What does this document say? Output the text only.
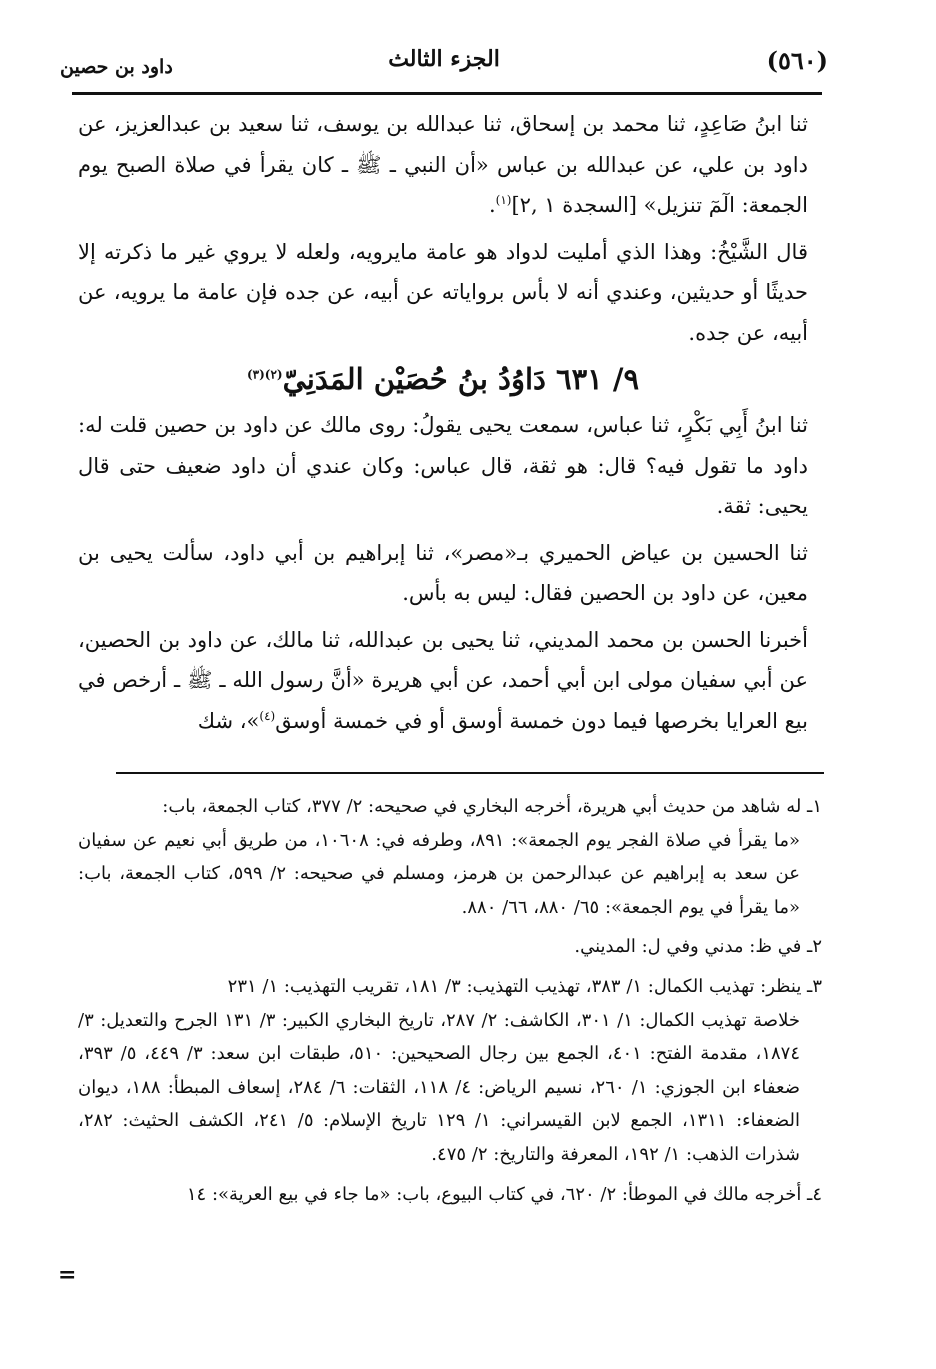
(٥٦٠)
الجزء الثالث
داود بن حصين

ثنا ابنُ صَاعِدٍ، ثنا محمد بن إسحاق، ثنا عبدالله بن يوسف، ثنا سعيد بن عبدالعزيز، عن داود بن علي، عن عبدالله بن عباس «أن النبي ـ ﷺ ـ كان يقرأ في صلاة الصبح يوم الجمعة: الٓمٓ تنزيل» [السجدة ١ ,٢]$^{(١)}$.

قال الشَّيْخُ: وهذا الذي أمليت لدواد هو عامة مايرويه، ولعله لا يروي غير ما ذكرته إلا حديثًا أو حديثين، وعندي أنه لا بأس برواياته عن أبيه، عن جده فإن عامة ما يرويه، عن أبيه، عن جده.

٩/ ٦٣١ دَاوُدُ بنُ حُصَيْن المَدَنِيّ$^{(٢)(٣)}$

ثنا ابنُ أَبِي بَكْرٍ، ثنا عباس، سمعت يحيى يقولُ: روى مالك عن داود بن حصين قلت له: داود ما تقول فيه؟ قال: هو ثقة، قال عباس: وكان عندي أن داود ضعيف حتى قال يحيى: ثقة.

ثنا الحسين بن عياض الحميري بـ«مصر»، ثنا إبراهيم بن أبي داود، سألت يحيى بن معين، عن داود بن الحصين فقال: ليس به بأس.

أخبرنا الحسن بن محمد المديني، ثنا يحيى بن عبدالله، ثنا مالك، عن داود بن الحصين، عن أبي سفيان مولى ابن أبي أحمد، عن أبي هريرة «أنَّ رسول الله ـ ﷺ ـ أرخص في بيع العرايا بخرصها فيما دون خمسة أوسق أو في خمسة أوسق$^{(٤)}$»، شك

١ـ له شاهد من حديث أبي هريرة، أخرجه البخاري في صحيحه: ٢/ ٣٧٧، كتاب الجمعة، باب:
«ما يقرأ في صلاة الفجر يوم الجمعة»: ٨٩١، وطرفه في: ١٠٦٠٨، من طريق أبي نعيم عن سفيان عن سعد به إبراهيم عن عبدالرحمن بن هرمز، ومسلم في صحيحه: ٢/ ٥٩٩، كتاب الجمعة، باب: «ما يقرأ في يوم الجمعة»: ٦٥/ ٨٨٠، ٦٦/ ٨٨٠.
٢ـ في ظ: مدني وفي ل: المديني.
٣ـ ينظر: تهذيب الكمال: ١/ ٣٨٣، تهذيب التهذيب: ٣/ ١٨١، تقريب التهذيب: ١/ ٢٣١
خلاصة تهذيب الكمال: ١/ ٣٠١، الكاشف: ٢/ ٢٨٧، تاريخ البخاري الكبير: ٣/ ١٣١ الجرح والتعديل: ٣/ ١٨٧٤، مقدمة الفتح: ٤٠١، الجمع بين رجال الصحيحين: ٥١٠، طبقات ابن سعد: ٣/ ٤٤٩، ٥/ ٣٩٣، ضعفاء ابن الجوزي: ١/ ٢٦٠، نسيم الرياض: ٤/ ١١٨، الثقات: ٦/ ٢٨٤، إسعاف المبطأ: ١٨٨، ديوان الضعفاء: ١٣١١، الجمع لابن القيسراني: ١/ ١٢٩ تاريخ الإسلام: ٥/ ٢٤١، الكشف الحثيث: ٢٨٢، شذرات الذهب: ١/ ١٩٢، المعرفة والتاريخ: ٢/ ٤٧٥.
٤ـ أخرجه مالك في الموطأ: ٢/ ٦٢٠، في كتاب البيوع، باب: «ما جاء في بيع العرية»: ١٤
=
